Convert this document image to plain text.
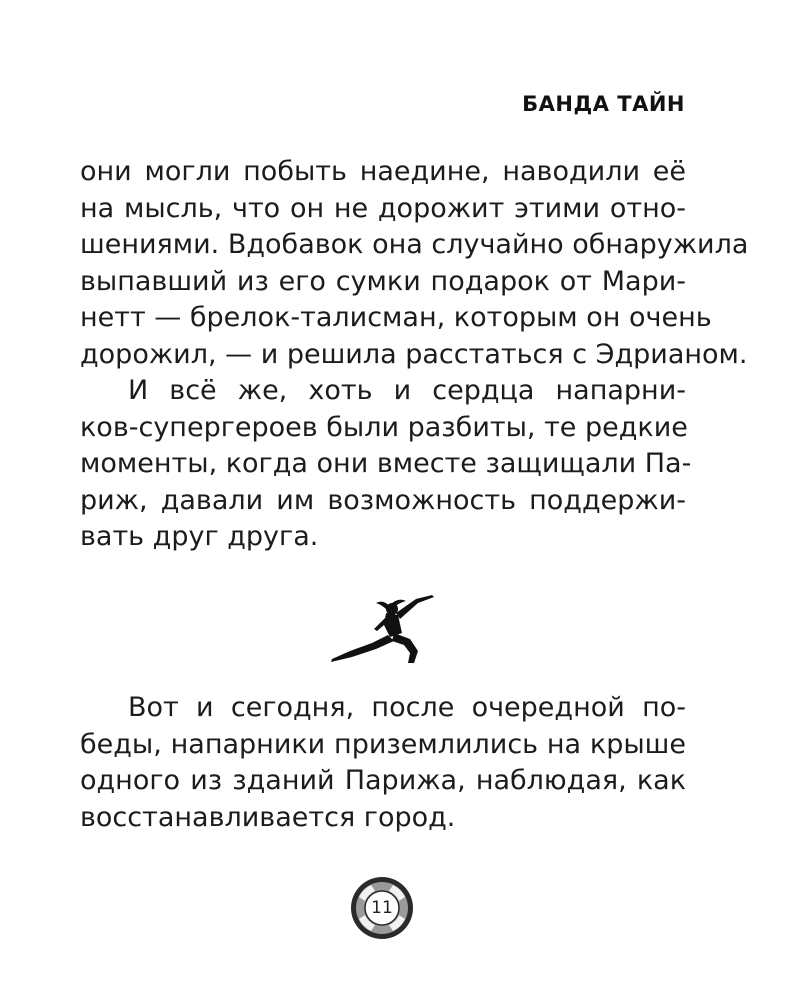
БАНДА ТАЙН
они могли побыть наедине, наводили её
на мысль, что он не дорожит этими отно-
шениями. Вдобавок она случайно обнаружила
выпавший из его сумки подарок от Мари-
нетт — брелок-талисман, которым он очень
дорожил, — и решила расстаться с Эдрианом.
И всё же, хоть и сердца напарни-
ков-супергероев были разбиты, те редкие
моменты, когда они вместе защищали Па-
риж, давали им возможность поддержи-
вать друг друга.
Вот и сегодня, после очередной по-
беды, напарники приземлились на крыше
одного из зданий Парижа, наблюдая, как
восстанавливается город.
11
